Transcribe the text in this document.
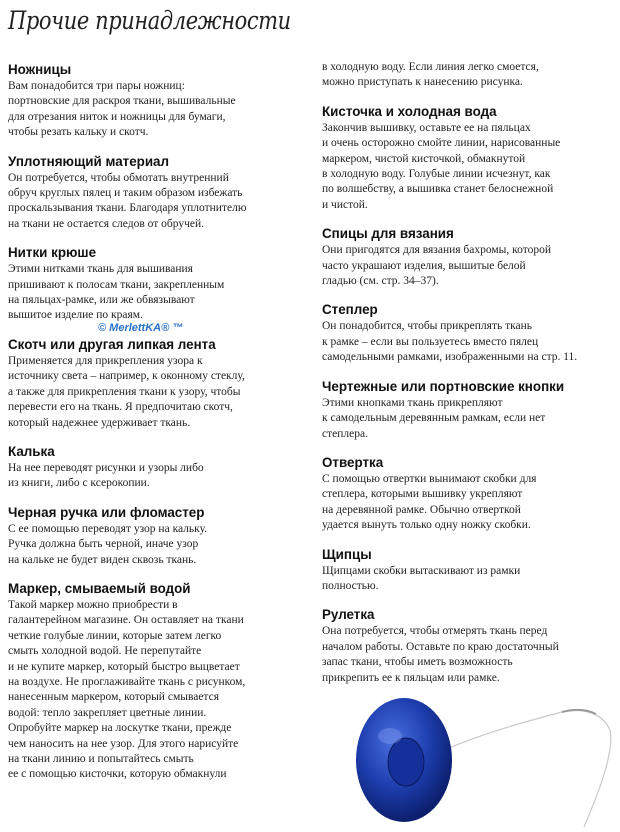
Прочие принадлежности
Ножницы
Вам понадобится три пары ножниц:
портновские для раскроя ткани, вышивальные
для отрезания ниток и ножницы для бумаги,
чтобы резать кальку и скотч.
Уплотняющий материал
Он потребуется, чтобы обмотать внутренний
обруч круглых пялец и таким образом избежать
проскальзывания ткани. Благодаря уплотнителю
на ткани не остается следов от обручей.
Нитки крюше
Этими нитками ткань для вышивания
пришивают к полосам ткани, закрепленным
на пяльцах-рамке, или же обвязывают
вышитое изделие по краям.
Скотч или другая липкая лента
Применяется для прикрепления узора к
источнику света – например, к оконному стеклу,
а также для прикрепления ткани к узору, чтобы
перевести его на ткань. Я предпочитаю скотч,
который надежнее удерживает ткань.
Калька
На нее переводят рисунки и узоры либо
из книги, либо с ксерокопии.
Черная ручка или фломастер
С ее помощью переводят узор на кальку.
Ручка должна быть черной, иначе узор
на кальке не будет виден сквозь ткань.
Маркер, смываемый водой
Такой маркер можно приобрести в
галантерейном магазине. Он оставляет на ткани
четкие голубые линии, которые затем легко
смыть холодной водой. Не перепутайте
и не купите маркер, который быстро выцветает
на воздухе. Не проглаживайте ткань с рисунком,
нанесенным маркером, который смывается
водой: тепло закрепляет цветные линии.
Опробуйте маркер на лоскутке ткани, прежде
чем наносить на нее узор. Для этого нарисуйте
на ткани линию и попытайтесь смыть
ее с помощью кисточки, которую обмакнули
© MerlettKA® ™
в холодную воду. Если линия легко смоется,
можно приступать к нанесению рисунка.
Кисточка и холодная вода
Закончив вышивку, оставьте ее на пяльцах
и очень осторожно смойте линии, нарисованные
маркером, чистой кисточкой, обмакнутой
в холодную воду. Голубые линии исчезнут, как
по волшебству, а вышивка станет белоснежной
и чистой.
Спицы для вязания
Они пригодятся для вязания бахромы, которой
часто украшают изделия, вышитые белой
гладью (см. стр. 34–37).
Степлер
Он понадобится, чтобы прикреплять ткань
к рамке – если вы пользуетесь вместо пялец
самодельными рамками, изображенными на стр. 11.
Чертежные или портновские кнопки
Этими кнопками ткань прикрепляют
к самодельным деревянным рамкам, если нет
степлера.
Отвертка
С помощью отвертки вынимают скобки для
степлера, которыми вышивку укрепляют
на деревянной рамке. Обычно отверткой
удается вынуть только одну ножку скобки.
Щипцы
Щипцами скобки вытаскивают из рамки
полностью.
Рулетка
Она потребуется, чтобы отмерять ткань перед
началом работы. Оставьте по краю достаточный
запас ткани, чтобы иметь возможность
прикрепить ее к пяльцам или рамке.
